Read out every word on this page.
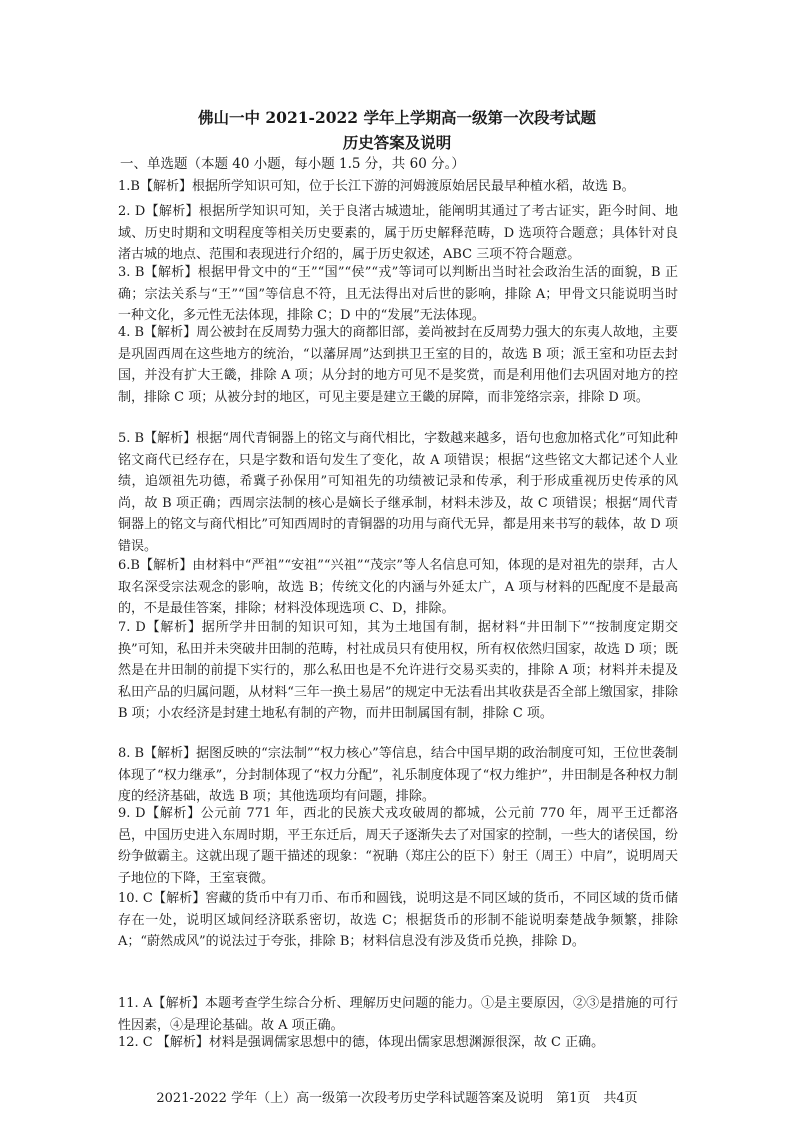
佛山一中 2021-2022 学年上学期高一级第一次段考试题
历史答案及说明
一、单选题（本题 40 小题，每小题 1.5 分，共 60 分。）
1.B【解析】根据所学知识可知，位于长江下游的河姆渡原始居民最早种植水稻，故选 B。
2. D【解析】根据所学知识可知，关于良渚古城遗址，能阐明其通过了考古证实，距今时间、地域、历史时期和文明程度等相关历史要素的，属于历史解释范畴，D 选项符合题意；具体针对良渚古城的地点、范围和表现进行介绍的，属于历史叙述，ABC 三项不符合题意。
3. B【解析】根据甲骨文中的“王”“国”“侯”“戎”等词可以判断出当时社会政治生活的面貌，B 正确；宗法关系与“王”“国”等信息不符，且无法得出对后世的影响，排除 A；甲骨文只能说明当时一种文化，多元性无法体现，排除 C；D 中的“发展”无法体现。
4. B【解析】周公被封在反周势力强大的商都旧部，姜尚被封在反周势力强大的东夷人故地，主要是巩固西周在这些地方的统治，“以藩屏周”达到拱卫王室的目的，故选 B 项；派王室和功臣去封国，并没有扩大王畿，排除 A 项；从分封的地方可见不是奖赏，而是利用他们去巩固对地方的控制，排除 C 项；从被分封的地区，可见主要是建立王畿的屏障，而非笼络宗亲，排除 D 项。
5. B【解析】根据“周代青铜器上的铭文与商代相比，字数越来越多，语句也愈加格式化”可知此种铭文商代已经存在，只是字数和语句发生了变化，故 A 项错误；根据“这些铭文大都记述个人业绩，追颂祖先功德，希冀子孙保用”可知祖先的功绩被记录和传承，利于形成重视历史传承的风尚，故 B 项正确；西周宗法制的核心是嫡长子继承制，材料未涉及，故 C 项错误；根据“周代青铜器上的铭文与商代相比”可知西周时的青铜器的功用与商代无异，都是用来书写的载体，故 D 项错误。
6.B【解析】由材料中“严祖”“安祖”“兴祖”“茂宗”等人名信息可知，体现的是对祖先的崇拜，古人取名深受宗法观念的影响，故选 B；传统文化的内涵与外延太广，A 项与材料的匹配度不是最高的，不是最佳答案，排除；材料没体现选项 C、D，排除。
7. D【解析】据所学井田制的知识可知，其为土地国有制，据材料“井田制下”“按制度定期交换”可知，私田并未突破井田制的范畴，村社成员只有使用权，所有权依然归国家，故选 D 项；既然是在井田制的前提下实行的，那么私田也是不允许进行交易买卖的，排除 A 项；材料并未提及私田产品的归属问题，从材料“三年一换土易居”的规定中无法看出其收获是否全部上缴国家，排除 B 项；小农经济是封建土地私有制的产物，而井田制属国有制，排除 C 项。
8. B【解析】据图反映的“宗法制”“权力核心”等信息，结合中国早期的政治制度可知，王位世袭制体现了“权力继承”，分封制体现了“权力分配”，礼乐制度体现了“权力维护”，井田制是各种权力制度的经济基础，故选 B 项；其他选项均有问题，排除。
9. D【解析】公元前 771 年，西北的民族犬戎攻破周的都城，公元前 770 年，周平王迁都洛邑，中国历史进入东周时期，平王东迁后，周天子逐渐失去了对国家的控制，一些大的诸侯国，纷纷争做霸主。这就出现了题干描述的现象：“祝聃（郑庄公的臣下）射王（周王）中肩”，说明周天子地位的下降，王室衰微。
10. C【解析】窖藏的货币中有刀币、布币和圆钱，说明这是不同区域的货币，不同区域的货币储存在一处，说明区域间经济联系密切，故选 C；根据货币的形制不能说明秦楚战争频繁，排除 A；“蔚然成风”的说法过于夸张，排除 B；材料信息没有涉及货币兑换，排除 D。
11. A【解析】本题考查学生综合分析、理解历史问题的能力。①是主要原因，②③是措施的可行性因素，④是理论基础。故 A 项正确。
12. C 【解析】材料是强调儒家思想中的德，体现出儒家思想渊源很深，故 C 正确。
2021-2022 学年（上）高一级第一次段考历史学科试题答案及说明　第1页　共4页
